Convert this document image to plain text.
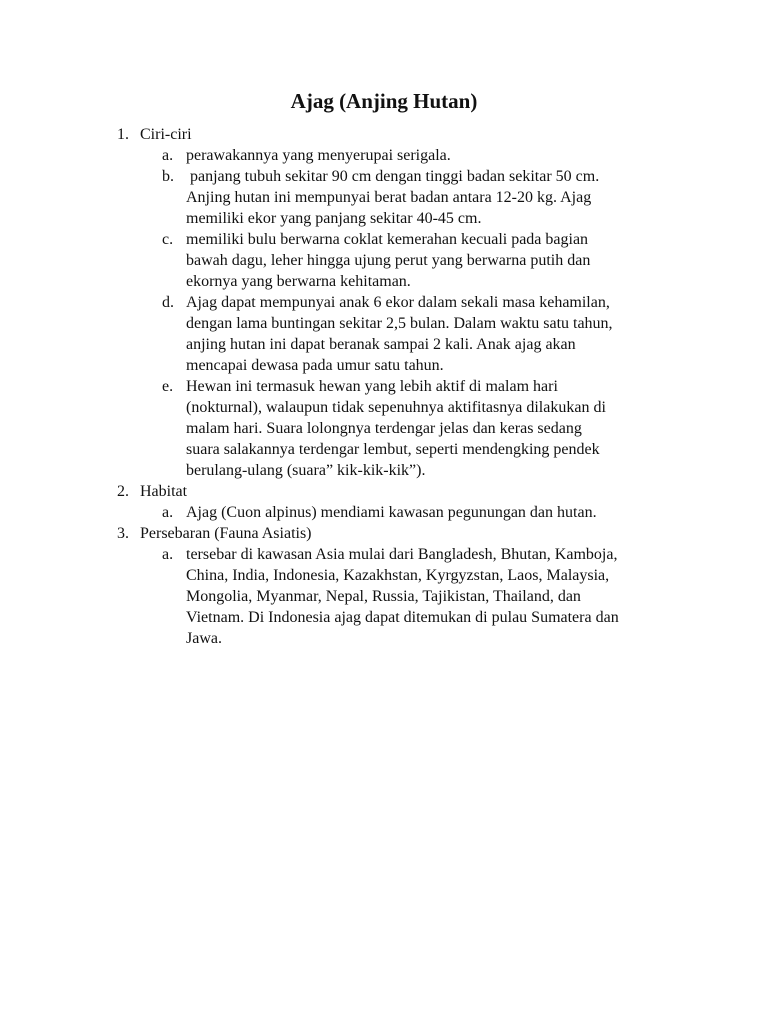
Ajag (Anjing Hutan)
1. Ciri-ciri
a. perawakannya yang menyerupai serigala.
b. panjang tubuh sekitar 90 cm dengan tinggi badan sekitar 50 cm.
Anjing hutan ini mempunyai berat badan antara 12-20 kg. Ajag
memiliki ekor yang panjang sekitar 40-45 cm.
c. memiliki bulu berwarna coklat kemerahan kecuali pada bagian
bawah dagu, leher hingga ujung perut yang berwarna putih dan
ekornya yang berwarna kehitaman.
d. Ajag dapat mempunyai anak 6 ekor dalam sekali masa kehamilan,
dengan lama buntingan sekitar 2,5 bulan. Dalam waktu satu tahun,
anjing hutan ini dapat beranak sampai 2 kali. Anak ajag akan
mencapai dewasa pada umur satu tahun.
e. Hewan ini termasuk hewan yang lebih aktif di malam hari
(nokturnal), walaupun tidak sepenuhnya aktifitasnya dilakukan di
malam hari. Suara lolongnya terdengar jelas dan keras sedang
suara salakannya terdengar lembut, seperti mendengking pendek
berulang-ulang (suara” kik-kik-kik”).
2. Habitat
a. Ajag (Cuon alpinus) mendiami kawasan pegunungan dan hutan.
3. Persebaran (Fauna Asiatis)
a. tersebar di kawasan Asia mulai dari Bangladesh, Bhutan, Kamboja,
China, India, Indonesia, Kazakhstan, Kyrgyzstan, Laos, Malaysia,
Mongolia, Myanmar, Nepal, Russia, Tajikistan, Thailand, dan
Vietnam. Di Indonesia ajag dapat ditemukan di pulau Sumatera dan
Jawa.
